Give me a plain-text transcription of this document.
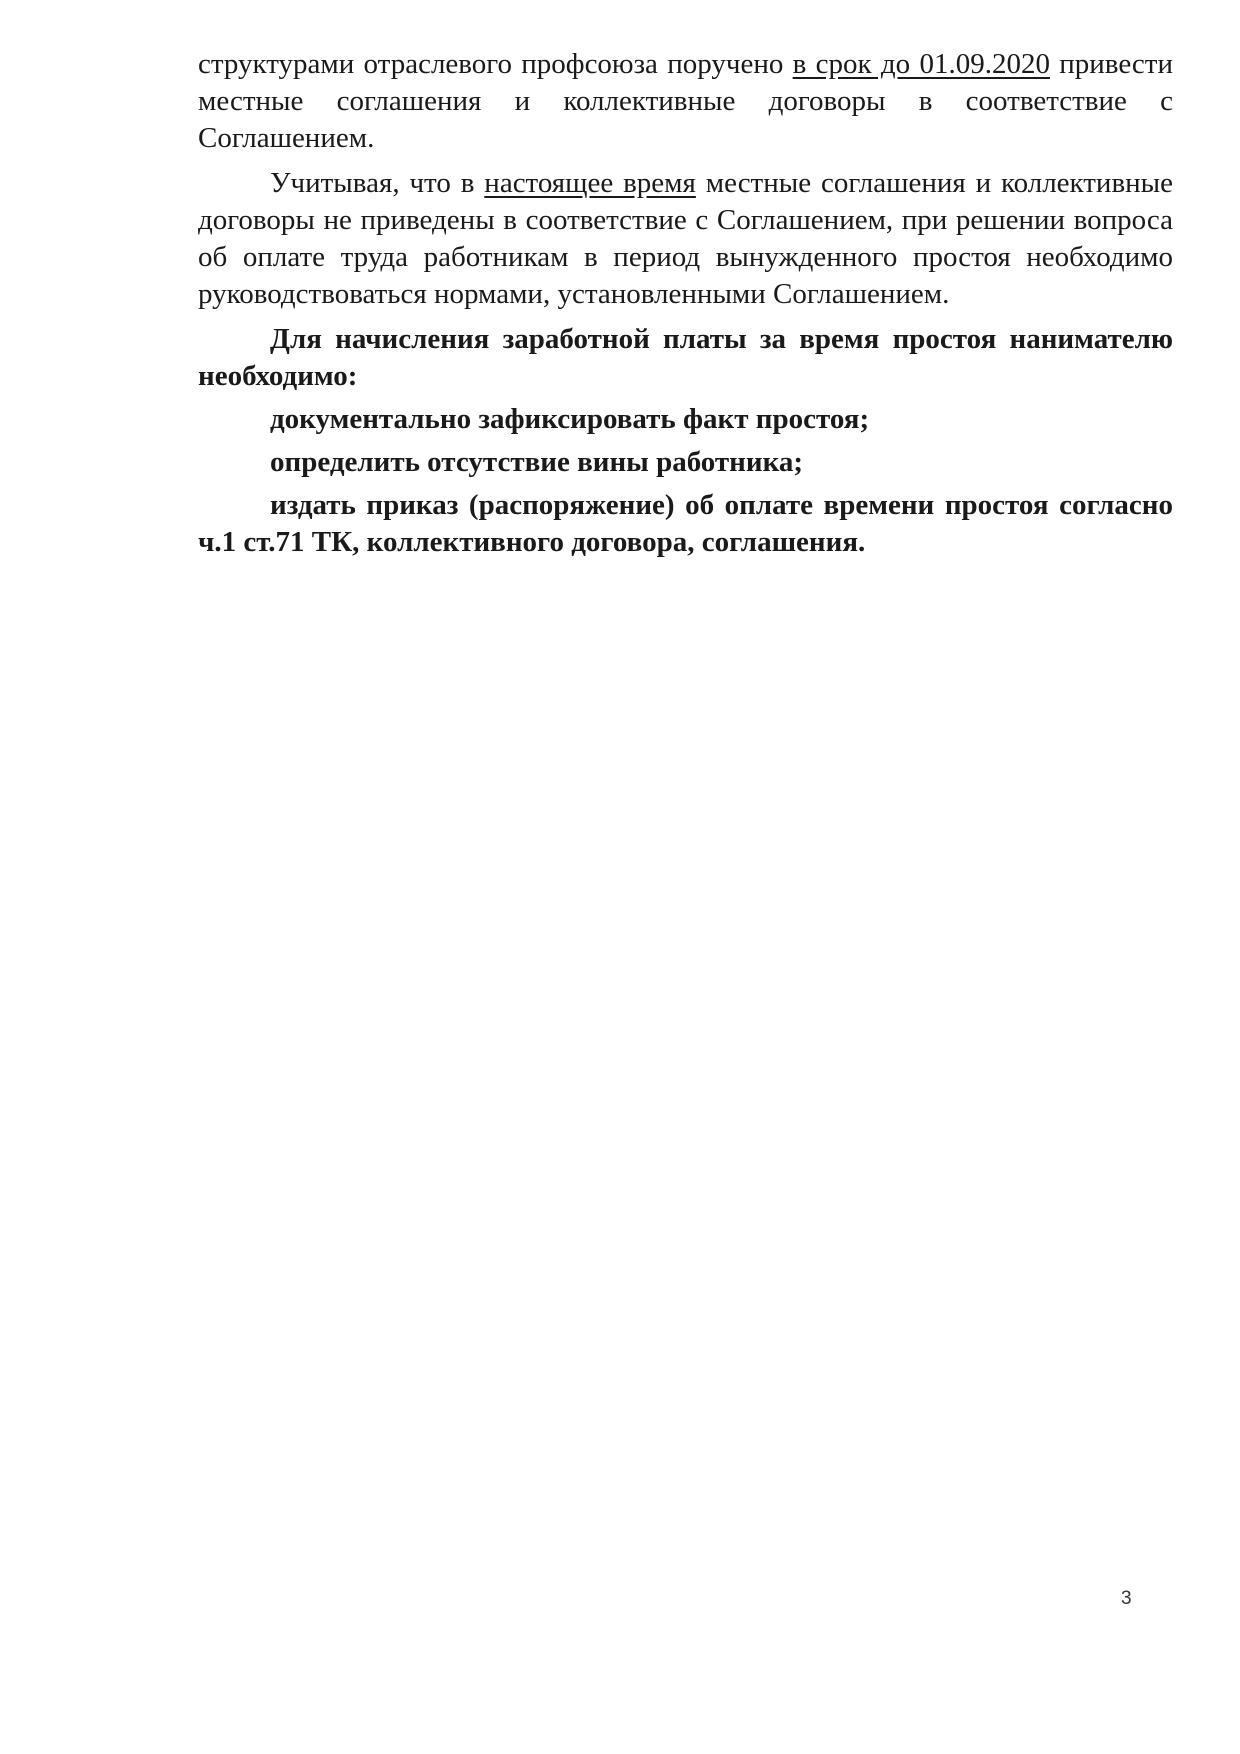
структурами отраслевого профсоюза поручено в срок до 01.09.2020 привести местные соглашения и коллективные договоры в соответствие с Соглашением.

Учитывая, что в настоящее время местные соглашения и коллективные договоры не приведены в соответствие с Соглашением, при решении вопроса об оплате труда работникам в период вынужденного простоя необходимо руководствоваться нормами, установленными Соглашением.

Для начисления заработной платы за время простоя нанимателю необходимо:

документально зафиксировать факт простоя;

определить отсутствие вины работника;

издать приказ (распоряжение) об оплате времени простоя согласно ч.1 ст.71 ТК, коллективного договора, соглашения.

3
